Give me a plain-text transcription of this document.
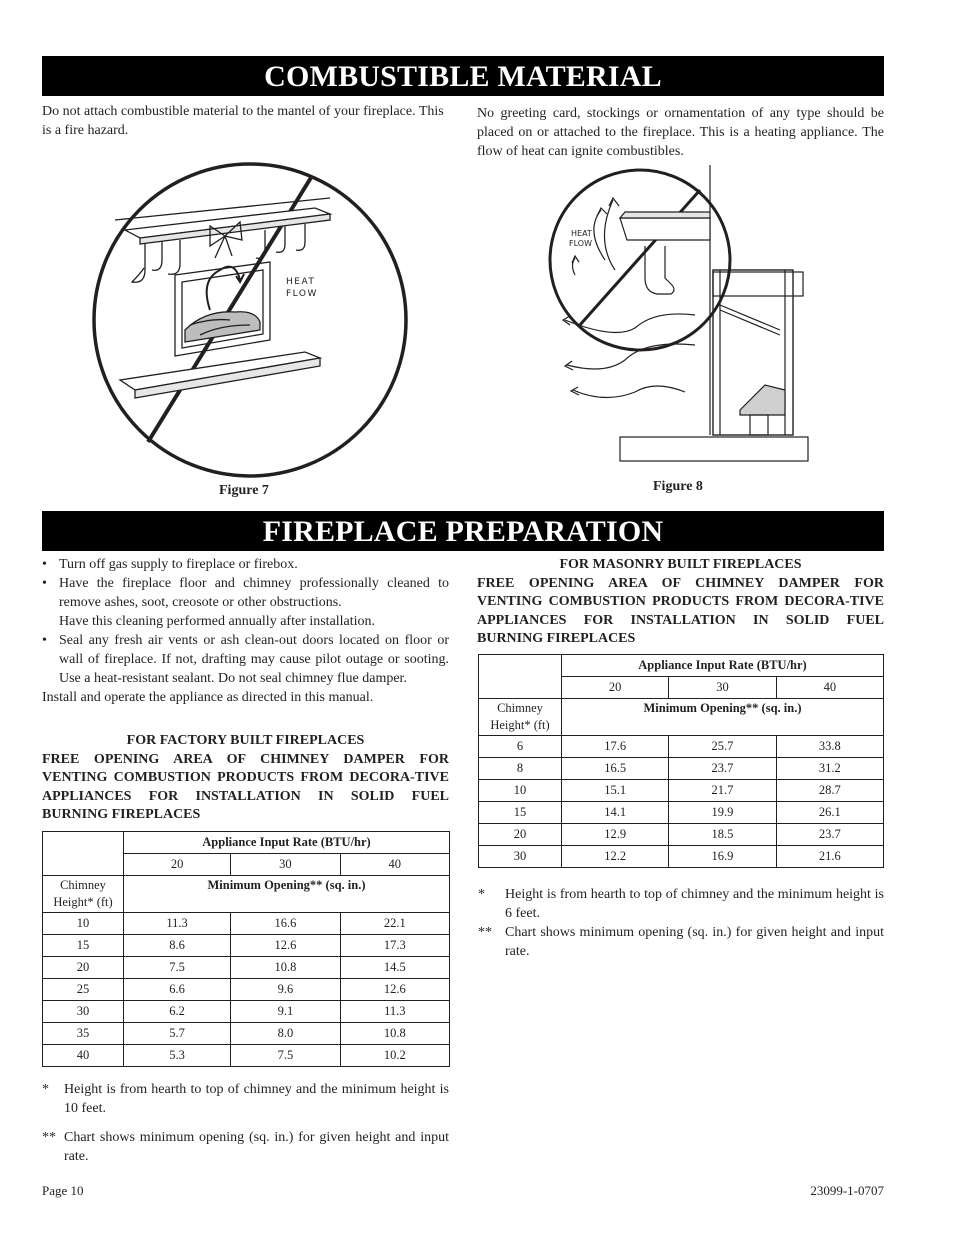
COMBUSTIBLE MATERIAL
Do not attach combustible material to the mantel of your fireplace. This is a fire hazard.
No greeting card, stockings or ornamentation of any type should be placed on or attached to the fireplace. This is a heating appliance. The flow of heat can ignite combustibles.
HEAT
FLOW
Figure 7
HEAT
FLOW
Figure 8
FIREPLACE PREPARATION
• Turn off gas supply to fireplace or firebox.
• Have the fireplace floor and chimney professionally cleaned to remove ashes, soot, creosote or other obstructions.
Have this cleaning performed annually after installation.
• Seal any fresh air vents or ash clean-out doors located on floor or wall of fireplace. If not, drafting may cause pilot outage or sooting. Use a heat-resistant sealant. Do not seal chimney flue damper.
Install and operate the appliance as directed in this manual.
FOR FACTORY BUILT FIREPLACES
FREE OPENING AREA OF CHIMNEY DAMPER FOR VENTING COMBUSTION PRODUCTS FROM DECORA-TIVE APPLIANCES FOR INSTALLATION IN SOLID FUEL BURNING FIREPLACES
	Appliance Input Rate (BTU/hr)		
	20	30	40
Chimney Height* (ft)	Minimum Opening** (sq. in.)		
10	11.3	16.6	22.1
15	8.6	12.6	17.3
20	7.5	10.8	14.5
25	6.6	9.6	12.6
30	6.2	9.1	11.3
35	5.7	8.0	10.8
40	5.3	7.5	10.2
* Height is from hearth to top of chimney and the minimum height is 10 feet.
** Chart shows minimum opening (sq. in.) for given height and input rate.
FOR MASONRY BUILT FIREPLACES
FREE OPENING AREA OF CHIMNEY DAMPER FOR VENTING COMBUSTION PRODUCTS FROM DECORA-TIVE APPLIANCES FOR INSTALLATION IN SOLID FUEL BURNING FIREPLACES
	Appliance Input Rate (BTU/hr)		
	20	30	40
Chimney Height* (ft)	Minimum Opening** (sq. in.)		
6	17.6	25.7	33.8
8	16.5	23.7	31.2
10	15.1	21.7	28.7
15	14.1	19.9	26.1
20	12.9	18.5	23.7
30	12.2	16.9	21.6
* Height is from hearth to top of chimney and the minimum height is 6 feet.
** Chart shows minimum opening (sq. in.) for given height and input rate.
Page 10	23099-1-0707
